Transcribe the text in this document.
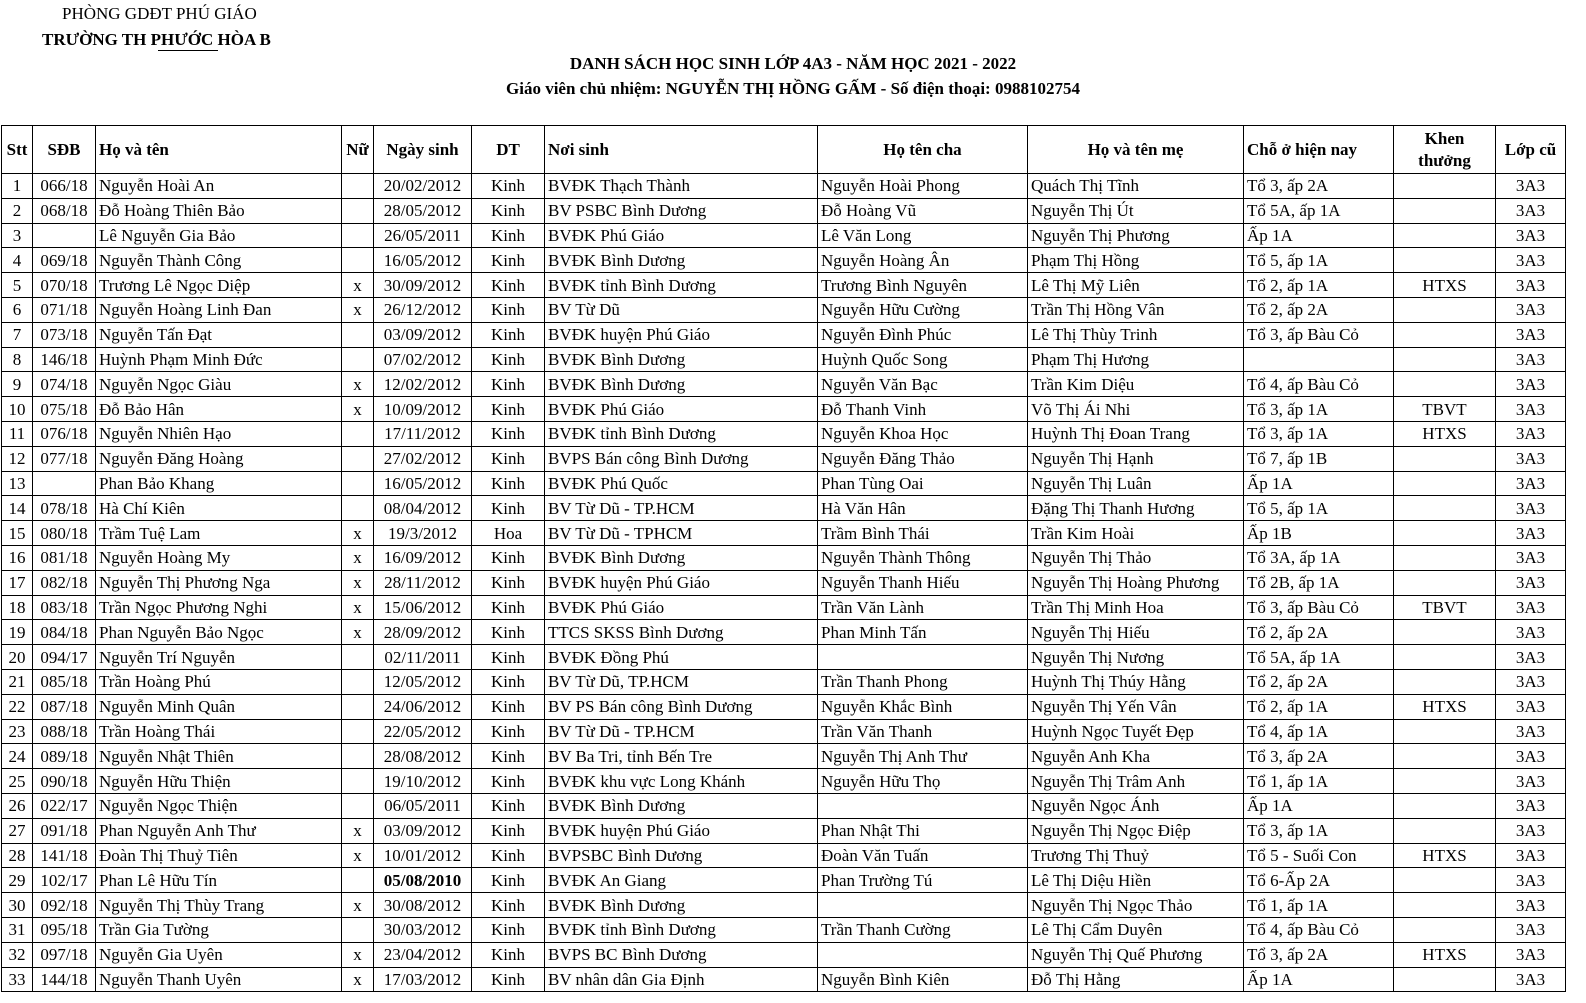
PHÒNG GDĐT PHÚ GIÁO
TRƯỜNG TH PHƯỚC HÒA B
DANH SÁCH HỌC SINH LỚP 4A3 - NĂM HỌC 2021 - 2022
Giáo viên chủ nhiệm: NGUYỄN THỊ HỒNG GẤM - Số điện thoại: 0988102754
Stt	SĐB	Họ và tên	Nữ	Ngày sinh	DT	Nơi sinh	Họ tên cha	Họ và tên mẹ	Chỗ ở hiện nay	Khen thưởng	Lớp cũ
1	066/18	Nguyễn Hoài An		20/02/2012	Kinh	BVĐK Thạch Thành	Nguyễn Hoài Phong	Quách Thị Tĩnh	Tổ 3, ấp 2A		3A3
2	068/18	Đỗ Hoàng Thiên Bảo		28/05/2012	Kinh	BV PSBC Bình Dương	Đỗ Hoàng Vũ	Nguyễn Thị Út	Tổ 5A, ấp 1A		3A3
3		Lê Nguyễn Gia Bảo		26/05/2011	Kinh	BVĐK Phú Giáo	Lê Văn Long	Nguyễn Thị Phương	Ấp 1A		3A3
4	069/18	Nguyễn Thành Công		16/05/2012	Kinh	BVĐK Bình Dương	Nguyễn Hoàng Ân	Phạm Thị Hồng	Tổ 5, ấp 1A		3A3
5	070/18	Trương Lê Ngọc Diệp	x	30/09/2012	Kinh	BVĐK tỉnh Bình Dương	Trương Bình Nguyên	Lê Thị Mỹ Liên	Tổ 2, ấp 1A	HTXS	3A3
6	071/18	Nguyễn Hoàng Linh Đan	x	26/12/2012	Kinh	BV Từ Dũ	Nguyễn Hữu Cường	Trần Thị Hồng Vân	Tổ 2, ấp 2A		3A3
7	073/18	Nguyễn Tấn Đạt		03/09/2012	Kinh	BVĐK huyện Phú Giáo	Nguyễn Đình Phúc	Lê Thị Thùy Trinh	Tổ 3, ấp Bàu Cỏ		3A3
8	146/18	Huỳnh Phạm Minh Đức		07/02/2012	Kinh	BVĐK Bình Dương	Huỳnh Quốc Song	Phạm Thị Hương			3A3
9	074/18	Nguyễn Ngọc Giàu	x	12/02/2012	Kinh	BVĐK Bình Dương	Nguyễn Văn Bạc	Trần Kim Diệu	Tổ 4, ấp Bàu Cỏ		3A3
10	075/18	Đỗ Bảo Hân	x	10/09/2012	Kinh	BVĐK Phú Giáo	Đỗ Thanh Vinh	Võ Thị Ái Nhi	Tổ 3, ấp 1A	TBVT	3A3
11	076/18	Nguyễn Nhiên Hạo		17/11/2012	Kinh	BVĐK tỉnh Bình Dương	Nguyễn Khoa Học	Huỳnh Thị Đoan Trang	Tổ 3, ấp 1A	HTXS	3A3
12	077/18	Nguyễn Đăng Hoàng		27/02/2012	Kinh	BVPS Bán công Bình Dương	Nguyễn Đăng Thảo	Nguyễn Thị Hạnh	Tổ 7, ấp 1B		3A3
13		Phan Bảo Khang		16/05/2012	Kinh	BVĐK Phú Quốc	Phan Tùng Oai	Nguyễn Thị Luân	Ấp 1A		3A3
14	078/18	Hà Chí Kiên		08/04/2012	Kinh	BV Từ Dũ - TP.HCM	Hà Văn Hân	Đặng Thị Thanh Hương	Tổ 5, ấp 1A		3A3
15	080/18	Trầm Tuệ Lam	x	19/3/2012	Hoa	BV Từ Dũ - TPHCM	Trầm Bình Thái	Trần Kim Hoài	Ấp 1B		3A3
16	081/18	Nguyễn Hoàng My	x	16/09/2012	Kinh	BVĐK Bình Dương	Nguyễn Thành Thông	Nguyễn Thị Thảo	Tổ 3A, ấp 1A		3A3
17	082/18	Nguyễn Thị Phương Nga	x	28/11/2012	Kinh	BVĐK huyện Phú Giáo	Nguyễn Thanh Hiếu	Nguyễn Thị Hoàng Phương	Tổ 2B, ấp 1A		3A3
18	083/18	Trần Ngọc Phương Nghi	x	15/06/2012	Kinh	BVĐK Phú Giáo	Trần Văn Lành	Trần Thị Minh Hoa	Tổ 3, ấp Bàu Cỏ	TBVT	3A3
19	084/18	Phan Nguyễn Bảo Ngọc	x	28/09/2012	Kinh	TTCS SKSS Bình Dương	Phan Minh Tấn	Nguyễn Thị Hiếu	Tổ 2, ấp 2A		3A3
20	094/17	Nguyễn Trí Nguyễn		02/11/2011	Kinh	BVĐK Đồng Phú		Nguyễn Thị Nương	Tổ 5A, ấp 1A		3A3
21	085/18	Trần Hoàng Phú		12/05/2012	Kinh	BV Từ Dũ, TP.HCM	Trần Thanh Phong	Huỳnh Thị Thúy Hằng	Tổ 2, ấp 2A		3A3
22	087/18	Nguyễn Minh Quân		24/06/2012	Kinh	BV PS Bán công Bình Dương	Nguyễn Khắc Bình	Nguyễn Thị Yến Vân	Tổ 2, ấp 1A	HTXS	3A3
23	088/18	Trần Hoàng Thái		22/05/2012	Kinh	BV Từ Dũ - TP.HCM	Trần Văn Thanh	Huỳnh Ngọc Tuyết Đẹp	Tổ 4, ấp 1A		3A3
24	089/18	Nguyễn Nhật Thiên		28/08/2012	Kinh	BV Ba Tri, tỉnh Bến Tre	Nguyễn Thị Anh Thư	Nguyễn Anh Kha	Tổ 3, ấp 2A		3A3
25	090/18	Nguyễn Hữu Thiện		19/10/2012	Kinh	BVĐK khu vực Long Khánh	Nguyễn Hữu Thọ	Nguyễn Thị Trâm Anh	Tổ 1, ấp 1A		3A3
26	022/17	Nguyễn Ngọc Thiện		06/05/2011	Kinh	BVĐK Bình Dương		Nguyễn Ngọc Ánh	Ấp 1A		3A3
27	091/18	Phan Nguyễn Anh Thư	x	03/09/2012	Kinh	BVĐK huyện Phú Giáo	Phan Nhật Thi	Nguyễn Thị Ngọc Điệp	Tổ 3, ấp 1A		3A3
28	141/18	Đoàn Thị Thuỷ Tiên	x	10/01/2012	Kinh	BVPSBC Bình Dương	Đoàn Văn Tuấn	Trương Thị Thuỷ	Tổ 5 - Suối Con	HTXS	3A3
29	102/17	Phan Lê Hữu Tín		05/08/2010	Kinh	BVĐK An Giang	Phan Trường Tú	Lê Thị Diệu Hiền	Tổ 6-Ấp 2A		3A3
30	092/18	Nguyễn Thị Thùy Trang	x	30/08/2012	Kinh	BVĐK Bình Dương		Nguyễn Thị Ngọc Thảo	Tổ 1, ấp 1A		3A3
31	095/18	Trần Gia Tường		30/03/2012	Kinh	BVĐK tỉnh Bình Dương	Trần Thanh Cường	Lê Thị Cẩm Duyên	Tổ 4, ấp Bàu Cỏ		3A3
32	097/18	Nguyễn Gia Uyên	x	23/04/2012	Kinh	BVPS BC Bình Dương		Nguyễn Thị Quế Phương	Tổ 3, ấp 2A	HTXS	3A3
33	144/18	Nguyễn Thanh Uyên	x	17/03/2012	Kinh	BV nhân dân Gia Định	Nguyễn Bình Kiên	Đỗ Thị Hằng	Ấp 1A		3A3
